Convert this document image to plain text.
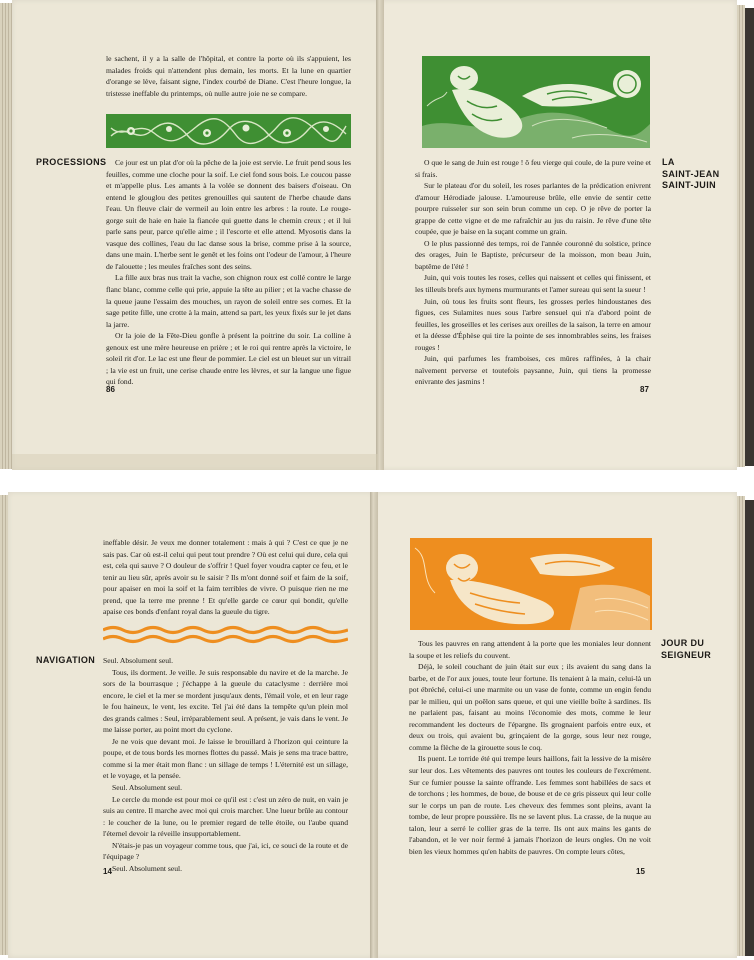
le sachent, il y a la salle de l'hôpital, et contre la porte où ils s'appuient, les malades froids qui n'attendent plus demain, les morts. Et la lune en quartier d'orange se lève, faisant signe, l'index courbé de Diane. C'est l'heure longue, la tristesse ineffable du printemps, où nulle autre joie ne se compare.

PROCESSIONS	Ce jour est un plat d'or où la pêche de la joie est servie. Le fruit pend sous les feuilles, comme une cloche pour la soif. Le ciel fond sous bois. Le coucou passe et m'appelle plus. Les amants à la volée se donnent des baisers d'oiseau. On entend le glouglou des petites grenouilles qui sautent de l'herbe chaude dans l'eau. Un fleuve clair de vermeil au loin entre les arbres : la route. Le rouge-gorge suit de haie en haie la fiancée qui guette dans le chemin creux ; et il lui parle sans peur, parce qu'elle aime ; il l'escorte et elle attend. Myosotis dans la vasque des collines, l'eau du lac danse sous la brise, comme prise à la source, dans une main. L'herbe sent le genêt et les foins ont l'odeur de l'amour, à l'heure de l'alouette ; les meules fraîches sont des seins.

La fille aux bras nus trait la vache, son chignon roux est collé contre le large flanc blanc, comme celle qui prie, appuie la tête au pilier ; et la vache chasse de la queue jaune l'essaim des mouches, un rayon de soleil entre ses cornes. Et la sage petite fille, une crotte à la main, attend sa part, les yeux fixés sur le jet dans la jarre.

Or la joie de la Fête-Dieu gonfle à présent la poitrine du soir. La colline à genoux est une mère heureuse en prière ; et le roi qui rentre après la victoire, le soleil rit d'or. Le lac est une fleur de pommier. Le ciel est un bleuet sur un vitrail ; la vie est un fruit, une cerise chaude entre les lèvres, et sur la langue une figue qui fond.

86

O que le sang de Juin est rouge ! ô feu vierge qui coule, de la pure veine et si frais.

Sur le plateau d'or du soleil, les roses parlantes de la prédication enivrent d'amour Hérodiade jalouse. L'amoureuse brûle, elle envie de sentir cette pourpre ruisseler sur son sein brun comme un cep. O je rêve de porter la grappe de cette vigne et de me rafraîchir au jus du raisin. Je rêve d'une tête coupée, que je baise en la suçant comme un grain.

O le plus passionné des temps, roi de l'année couronné du solstice, prince des orages, Juin le Baptiste, précurseur de la moisson, mon beau Juin, baptême de l'été !

Juin, qui vois toutes les roses, celles qui naissent et celles qui finissent, et les tilleuls brefs aux hymens murmurants et l'amer sureau qui sent la sueur !

Juin, où tous les fruits sont fleurs, les grosses perles hindoustanes des figues, ces Sulamites nues sous l'arbre sensuel qui n'a d'abord point de feuilles, les groseilles et les cerises aux oreilles de la saison, la terre en amour et la déesse d'Éphèse qui tire la pointe de ses innombrables seins, les fraises rouges !

Juin, qui parfumes les framboises, ces mûres raffinées, à la chair naïvement perverse et toutefois paysanne, Juin, qui tiens la promesse enivrante des jasmins !

LA
SAINT-JEAN
SAINT-JUIN
87

ineffable désir. Je veux me donner totalement : mais à qui ? C'est ce que je ne sais pas. Car où est-il celui qui peut tout prendre ? Où est celui qui dure, cela qui est, cela qui sauve ? O douleur de s'offrir ! Quel foyer voudra capter ce feu, et le tenir au lieu sûr, après avoir su le saisir ? Ils m'ont donné soif et faim de la soif, pour apaiser en moi la soif et la faim terribles de vivre. O puisque rien ne me prend, que la terre me prenne ! Et qu'elle garde ce cœur qui bondit, qu'elle apaise ces bonds d'enfant royal dans la gueule du tigre.

NAVIGATION Seul. Absolument seul.

Tous, ils dorment. Je veille. Je suis responsable du navire et de la marche. Je sors de la bourrasque ; j'échappe à la gueule du cataclysme : derrière moi encore, le ciel et la mer se mordent jusqu'aux dents, l'émail vole, et en leur rage le fou haineux, le vent, les excite. Tel j'ai été dans la tempête qu'un plein mol des grands calmes : Seul, irréparablement seul. A présent, je vais dans le vent. Je me laisse porter, au point mort du cyclone.

Je ne vois que devant moi. Je laisse le brouillard à l'horizon qui ceinture la poupe, et de tous bords les mornes flottes du passé. Mais je sens ma trace battre, comme si la mer était mon flanc : un sillage de temps ! L'éternité est un sillage, et le voyage, et la pensée.

Seul. Absolument seul.

Le cercle du monde est pour moi ce qu'il est : c'est un zéro de nuit, en vain je suis au centre. Il marche avec moi qui crois marcher. Une lueur brûle au contour : le coucher de la lune, ou le premier regard de telle étoile, ou l'aube quand l'éternel devoir la réveille insupportablement.

N'étais-je pas un voyageur comme tous, que j'ai, ici, ce souci de la route et de l'équipage ?

Seul. Absolument seul.

14

Tous les pauvres en rang attendent à la porte que les moniales leur donnent la soupe et les reliefs du couvent.

Déjà, le soleil couchant de juin était sur eux ; ils avaient du sang dans la barbe, et de l'or aux joues, toute leur fortune. Ils tenaient à la main, celui-là un pot ébréché, celui-ci une marmite ou un vase de fonte, comme un engin fendu par le milieu, qui un poêlon sans queue, et qui une vieille boîte à sardines. Ils ne parlaient pas, faisant au moins l'économie des mots, comme le leur recommandent les docteurs de l'épargne. Ils grognaient parfois entre eux, et deux ou trois, qui avaient bu, grinçaient de la gorge, sous leur nez rouge, comme la flèche de la girouette sous le coq.

Ils puent. Le torride été qui trempe leurs haillons, fait la lessive de la misère sur leur dos. Les vêtements des pauvres ont toutes les couleurs de l'excrément. Sur ce fumier pousse la sainte offrande. Les femmes sont habillées de sacs et de torchons ; les hommes, de boue, de bouse et de ce gris pisseux qui leur colle sur le corps un pan de route. Les cheveux des femmes sont pleins, avant la tombe, de leur propre poussière. Ils ne se lavent plus. La crasse, de la nuque au talon, leur a serré le collier gras de la terre. Ils ont aux mains les gants de l'abandon, et le ver noir fermé à jamais l'horizon de leurs ongles. On ne voit bien les vieux hommes qu'en habits de pauvres. On compte leurs côtes,

JOUR DU
SEIGNEUR
15
